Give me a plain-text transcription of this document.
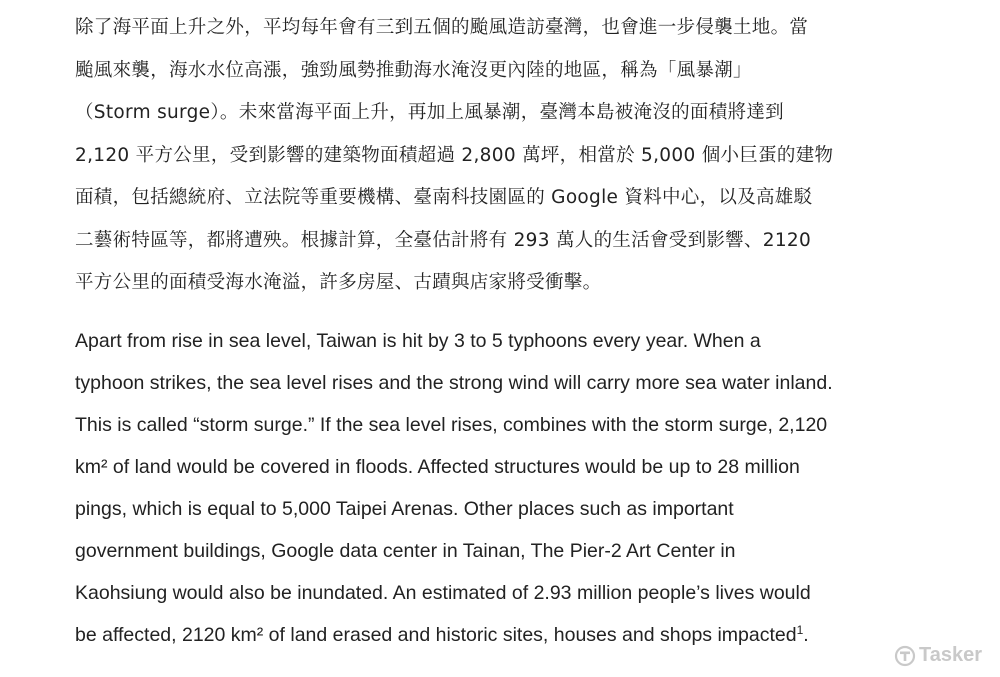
除了海平面上升之外，平均每年會有三到五個的颱風造訪臺灣，也會進一步侵襲土地。當
颱風來襲，海水水位高漲，強勁風勢推動海水淹沒更內陸的地區，稱為「風暴潮」
（Storm surge）。未來當海平面上升，再加上風暴潮，臺灣本島被淹沒的面積將達到
2,120 平方公里，受到影響的建築物面積超過 2,800 萬坪，相當於 5,000 個小巨蛋的建物
面積，包括總統府、立法院等重要機構、臺南科技園區的 Google 資料中心，以及高雄駁
二藝術特區等，都將遭殃。根據計算，全臺估計將有 293 萬人的生活會受到影響、2120
平方公里的面積受海水淹溢，許多房屋、古蹟與店家將受衝擊。
Apart from rise in sea level, Taiwan is hit by 3 to 5 typhoons every year. When a
typhoon strikes, the sea level rises and the strong wind will carry more sea water inland.
This is called “storm surge.” If the sea level rises, combines with the storm surge, 2,120
km² of land would be covered in floods. Affected structures would be up to 28 million
pings, which is equal to 5,000 Taipei Arenas. Other places such as important
government buildings, Google data center in Tainan, The Pier-2 Art Center in
Kaohsiung would also be inundated. An estimated of 2.93 million people’s lives would
be affected, 2120 km² of land erased and historic sites, houses and shops impacted$^1$.
Tasker
